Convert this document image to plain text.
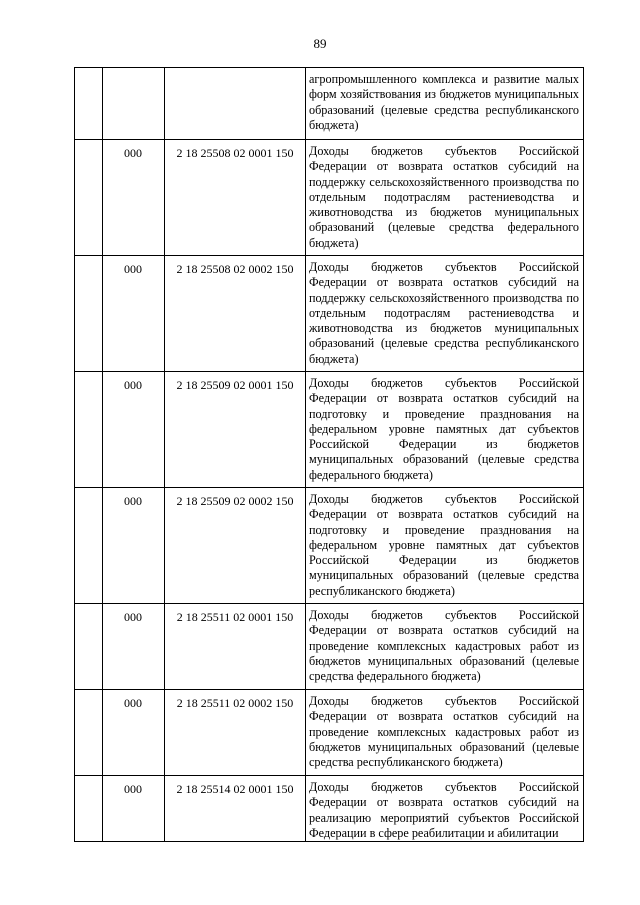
89
агропромышленного комплекса и развитие малых форм хозяйствования из бюджетов муниципальных образований (целевые средства республиканского бюджета)
000	2 18 25508 02 0001 150	Доходы бюджетов субъектов Российской Федерации от возврата остатков субсидий на поддержку сельскохозяйственного производства по отдельным подотраслям растениеводства и животноводства из бюджетов муниципальных образований (целевые средства федерального бюджета)
000	2 18 25508 02 0002 150	Доходы бюджетов субъектов Российской Федерации от возврата остатков субсидий на поддержку сельскохозяйственного производства по отдельным подотраслям растениеводства и животноводства из бюджетов муниципальных образований (целевые средства республиканского бюджета)
000	2 18 25509 02 0001 150	Доходы бюджетов субъектов Российской Федерации от возврата остатков субсидий на подготовку и проведение празднования на федеральном уровне памятных дат субъектов Российской Федерации из бюджетов муниципальных образований (целевые средства федерального бюджета)
000	2 18 25509 02 0002 150	Доходы бюджетов субъектов Российской Федерации от возврата остатков субсидий на подготовку и проведение празднования на федеральном уровне памятных дат субъектов Российской Федерации из бюджетов муниципальных образований (целевые средства республиканского бюджета)
000	2 18 25511 02 0001 150	Доходы бюджетов субъектов Российской Федерации от возврата остатков субсидий на проведение комплексных кадастровых работ из бюджетов муниципальных образований (целевые средства федерального бюджета)
000	2 18 25511 02 0002 150	Доходы бюджетов субъектов Российской Федерации от возврата остатков субсидий на проведение комплексных кадастровых работ из бюджетов муниципальных образований (целевые средства республиканского бюджета)
000	2 18 25514 02 0001 150	Доходы бюджетов субъектов Российской Федерации от возврата остатков субсидий на реализацию мероприятий субъектов Российской Федерации в сфере реабилитации и абилитации
